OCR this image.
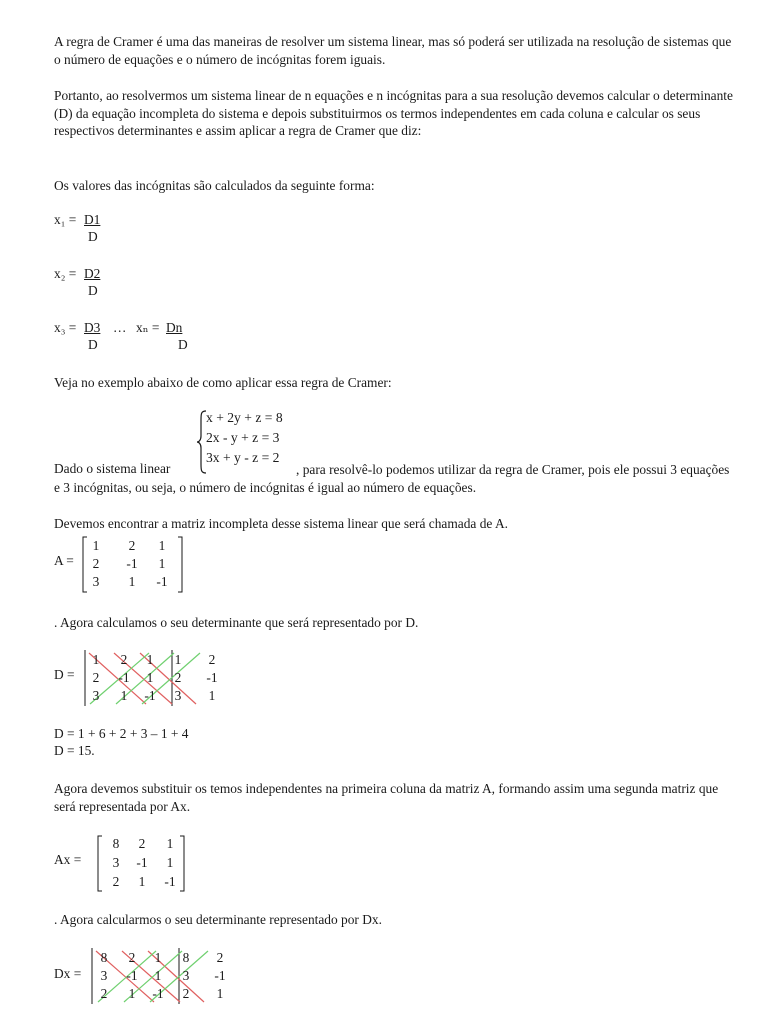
A regra de Cramer é uma das maneiras de resolver um sistema linear, mas só poderá ser utilizada na resolução de sistemas que o número de equações e o número de incógnitas forem iguais.

Portanto, ao resolvermos um sistema linear de n equações e n incógnitas para a sua resolução devemos calcular o determinante (D) da equação incompleta do sistema e depois substituirmos os termos independentes em cada coluna e calcular os seus respectivos determinantes e assim aplicar a regra de Cramer que diz:

Os valores das incógnitas são calculados da seguinte forma:

x₁ = D1
D
x₂ = D2
D
x₃ = D3
D
… xₙ = Dn
D

Veja no exemplo abaixo de como aplicar essa regra de Cramer:

x + 2y + z = 8
2x - y + z = 3
3x + y - z = 2
Dado o sistema linear	, para resolvê-lo podemos utilizar da regra de Cramer, pois ele possui 3 equações e 3 incógnitas, ou seja, o número de incógnitas é igual ao número de equações.

Devemos encontrar a matriz incompleta desse sistema linear que será chamada de A.

A =
1	2	1
2	-1	1
3	1	-1

. Agora calculamos o seu determinante que será representado por D.

D =
1	2	1	1	2
2	-1	1	2	-1
3	1	-1	3	1
D = 1 + 6 + 2 + 3 – 1 + 4
D = 15.

Agora devemos substituir os temos independentes na primeira coluna da matriz A, formando assim uma segunda matriz que será representada por Ax.

Ax =
8	2	1
3	-1	1
2	1	-1

. Agora calcularmos o seu determinante representado por Dx.

Dx =
8	2	1	8	2
3	-1	1	3	-1
2	1	-1	2	1
